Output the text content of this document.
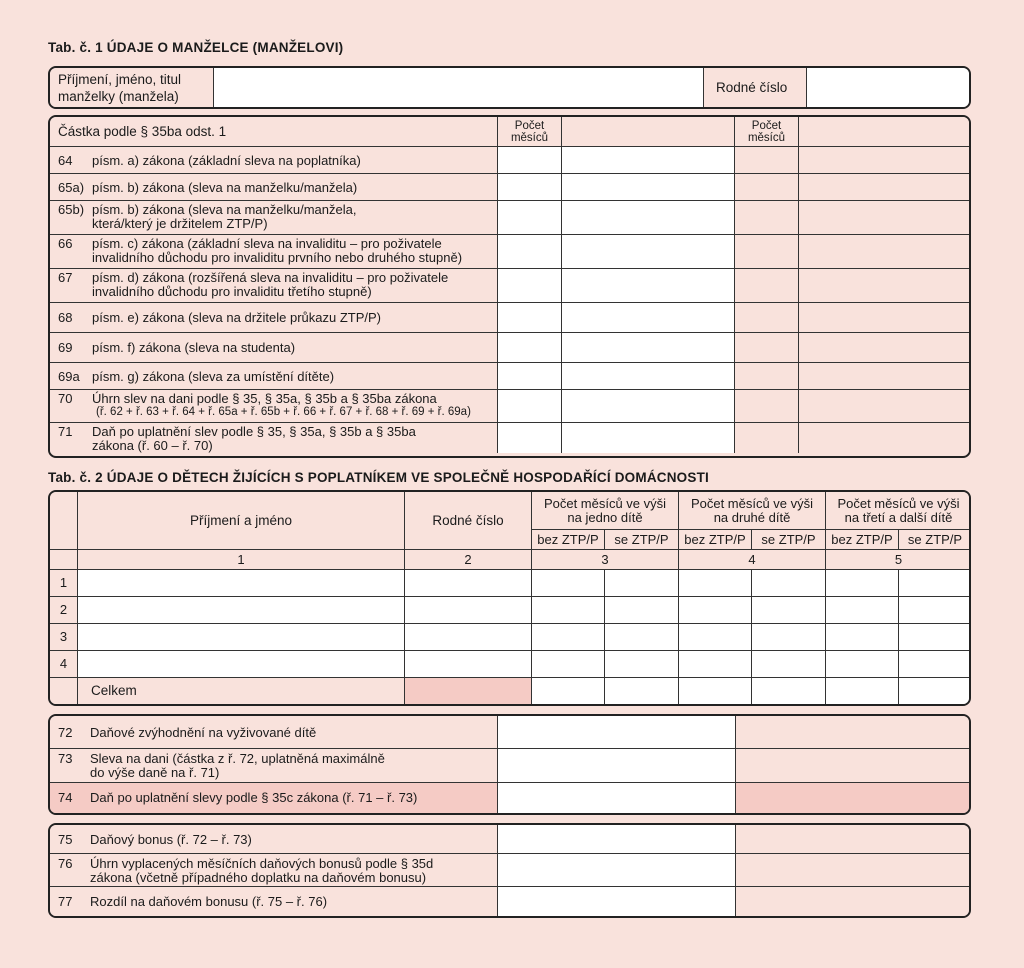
Tab. č. 1 ÚDAJE O MANŽELCE (MANŽELOVI)
Příjmení, jméno, titul
manželky (manžela)
Rodné číslo
Částka podle § 35ba odst. 1	Počet
měsíců
Počet
měsíců
64 písm. a) zákona (základní sleva na poplatníka)
65a) písm. b) zákona (sleva na manželku/manžela)
65b) písm. b) zákona (sleva na manželku/manžela,
která/který je držitelem ZTP/P)
66 písm. c) zákona (základní sleva na invaliditu – pro poživatele
invalidního důchodu pro invaliditu prvního nebo druhého stupně)
67 písm. d) zákona (rozšířená sleva na invaliditu – pro poživatele
invalidního důchodu pro invaliditu třetího stupně)
68 písm. e) zákona (sleva na držitele průkazu ZTP/P)
69 písm. f) zákona (sleva na studenta)
69a písm. g) zákona (sleva za umístění dítěte)
70 Úhrn slev na dani podle § 35, § 35a, § 35b a § 35ba zákona
(ř. 62 + ř. 63 + ř. 64 + ř. 65a + ř. 65b + ř. 66 + ř. 67 + ř. 68 + ř. 69 + ř. 69a)
71 Daň po uplatnění slev podle § 35, § 35a, § 35b a § 35ba
zákona (ř. 60 – ř. 70)
Tab. č. 2 ÚDAJE O DĚTECH ŽIJÍCÍCH S POPLATNÍKEM VE SPOLEČNĚ HOSPODAŘÍCÍ DOMÁCNOSTI
Příjmení a jméno	Rodné číslo
Počet měsíců ve výši
na jedno dítě
Počet měsíců ve výši
na druhé dítě
Počet měsíců ve výši
na třetí a další dítě
bez ZTP/P	se ZTP/P	bez ZTP/P	se ZTP/P	bez ZTP/P	se ZTP/P
1	2	3	4	5
1
2
3
4
Celkem
72 Daňové zvýhodnění na vyživované dítě
73 Sleva na dani (částka z ř. 72, uplatněná maximálně
do výše daně na ř. 71)
74 Daň po uplatnění slevy podle § 35c zákona (ř. 71 – ř. 73)
75 Daňový bonus (ř. 72 – ř. 73)
76 Úhrn vyplacených měsíčních daňových bonusů podle § 35d
zákona (včetně případného doplatku na daňovém bonusu)
77 Rozdíl na daňovém bonusu (ř. 75 – ř. 76)
